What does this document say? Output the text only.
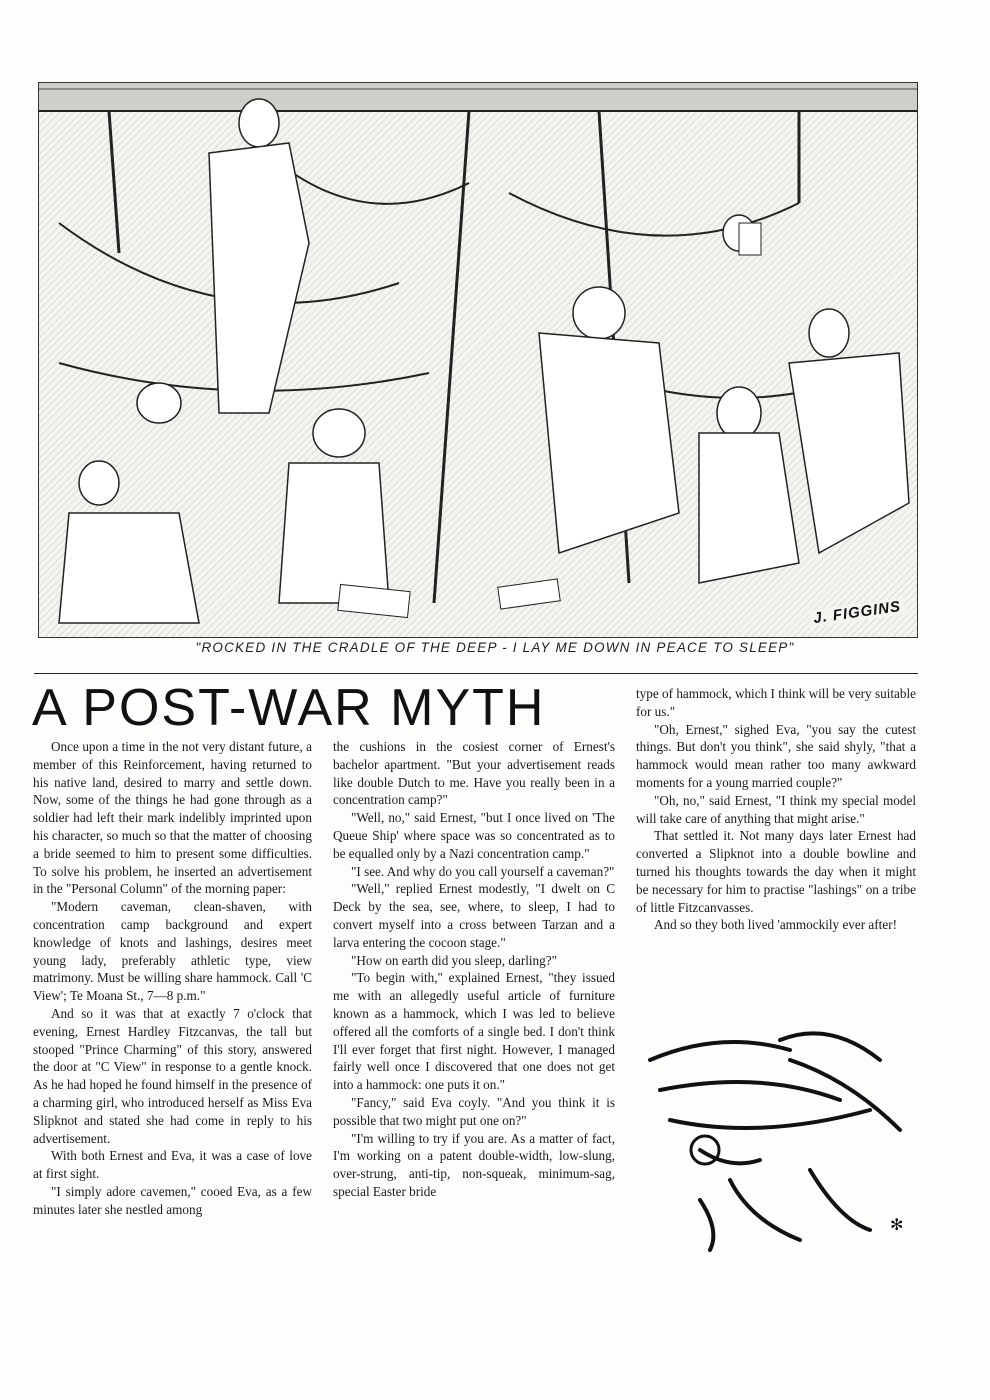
J. FIGGINS
"ROCKED IN THE CRADLE OF THE DEEP - I LAY ME DOWN IN PEACE TO SLEEP"
A POST-WAR MYTH

Once upon a time in the not very distant future, a member of this Reinforcement, having returned to his native land, desired to marry and settle down. Now, some of the things he had gone through as a soldier had left their mark indelibly imprinted upon his character, so much so that the matter of choosing a bride seemed to him to present some difficulties. To solve his problem, he inserted an advertisement in the "Personal Column" of the morning paper:

"Modern caveman, clean-shaven, with concentration camp background and expert knowledge of knots and lashings, desires meet young lady, preferably athletic type, view matrimony. Must be willing share hammock. Call 'C View'; Te Moana St., 7—8 p.m."

And so it was that at exactly 7 o'clock that evening, Ernest Hardley Fitzcanvas, the tall but stooped "Prince Charming" of this story, answered the door at "C View" in response to a gentle knock. As he had hoped he found himself in the presence of a charming girl, who introduced herself as Miss Eva Slipknot and stated she had come in reply to his advertisement.

With both Ernest and Eva, it was a case of love at first sight.

"I simply adore cavemen," cooed Eva, as a few minutes later she nestled among

the cushions in the cosiest corner of Ernest's bachelor apartment. "But your advertisement reads like double Dutch to me. Have you really been in a concentration camp?"

"Well, no," said Ernest, "but I once lived on 'The Queue Ship' where space was so concentrated as to be equalled only by a Nazi concentration camp."

"I see. And why do you call yourself a caveman?"

"Well," replied Ernest modestly, "I dwelt on C Deck by the sea, see, where, to sleep, I had to convert myself into a cross between Tarzan and a larva entering the cocoon stage."

"How on earth did you sleep, darling?"

"To begin with," explained Ernest, "they issued me with an allegedly useful article of furniture known as a hammock, which I was led to believe offered all the comforts of a single bed. I don't think I'll ever forget that first night. However, I managed fairly well once I discovered that one does not get into a hammock: one puts it on."

"Fancy," said Eva coyly. "And you think it is possible that two might put one on?"

"I'm willing to try if you are. As a matter of fact, I'm working on a patent double-width, low-slung, over-strung, anti-tip, non-squeak, minimum-sag, special Easter bride

type of hammock, which I think will be very suitable for us."

"Oh, Ernest," sighed Eva, "you say the cutest things. But don't you think", she said shyly, "that a hammock would mean rather too many awkward moments for a young married couple?"

"Oh, no," said Ernest, "I think my special model will take care of anything that might arise."

That settled it. Not many days later Ernest had converted a Slipknot into a double bowline and turned his thoughts towards the day when it might be necessary for him to practise "lashings" on a tribe of little Fitzcanvasses.

And so they both lived 'ammockily ever after!

✻
